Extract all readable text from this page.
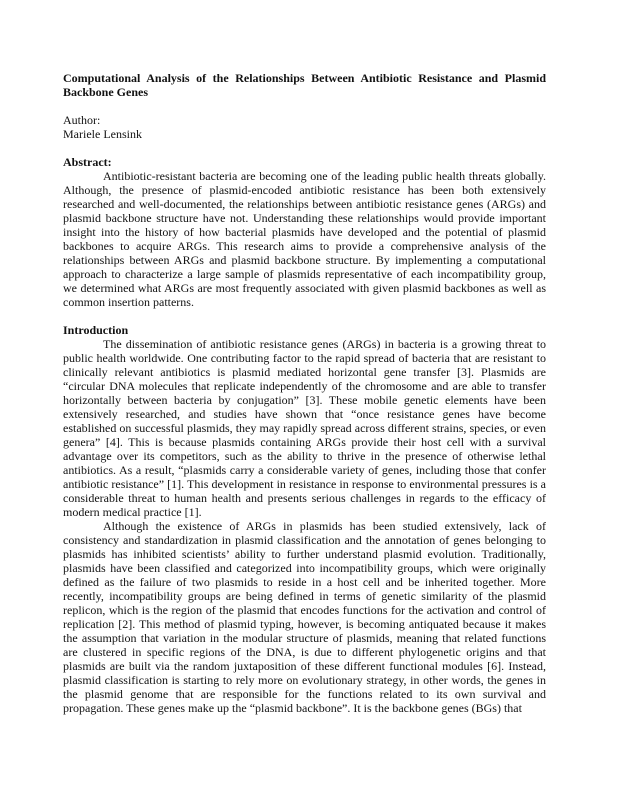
Computational Analysis of the Relationships Between Antibiotic Resistance and Plasmid
Backbone Genes
Author:
Mariele Lensink
Abstract:

Antibiotic-resistant bacteria are becoming one of the leading public health threats globally. Although, the presence of plasmid-encoded antibiotic resistance has been both extensively researched and well-documented, the relationships between antibiotic resistance genes (ARGs) and plasmid backbone structure have not. Understanding these relationships would provide important insight into the history of how bacterial plasmids have developed and the potential of plasmid backbones to acquire ARGs. This research aims to provide a comprehensive analysis of the relationships between ARGs and plasmid backbone structure. By implementing a computational approach to characterize a large sample of plasmids representative of each incompatibility group, we determined what ARGs are most frequently associated with given plasmid backbones as well as common insertion patterns.

Introduction

The dissemination of antibiotic resistance genes (ARGs) in bacteria is a growing threat to public health worldwide. One contributing factor to the rapid spread of bacteria that are resistant to clinically relevant antibiotics is plasmid mediated horizontal gene transfer [3]. Plasmids are “circular DNA molecules that replicate independently of the chromosome and are able to transfer horizontally between bacteria by conjugation” [3]. These mobile genetic elements have been extensively researched, and studies have shown that “once resistance genes have become established on successful plasmids, they may rapidly spread across different strains, species, or even genera” [4]. This is because plasmids containing ARGs provide their host cell with a survival advantage over its competitors, such as the ability to thrive in the presence of otherwise lethal antibiotics. As a result, “plasmids carry a considerable variety of genes, including those that confer antibiotic resistance” [1]. This development in resistance in response to environmental pressures is a considerable threat to human health and presents serious challenges in regards to the efficacy of modern medical practice [1].

Although the existence of ARGs in plasmids has been studied extensively, lack of consistency and standardization in plasmid classification and the annotation of genes belonging to plasmids has inhibited scientists’ ability to further understand plasmid evolution. Traditionally, plasmids have been classified and categorized into incompatibility groups, which were originally defined as the failure of two plasmids to reside in a host cell and be inherited together. More recently, incompatibility groups are being defined in terms of genetic similarity of the plasmid replicon, which is the region of the plasmid that encodes functions for the activation and control of replication [2]. This method of plasmid typing, however, is becoming antiquated because it makes the assumption that variation in the modular structure of plasmids, meaning that related functions are clustered in specific regions of the DNA, is due to different phylogenetic origins and that plasmids are built via the random juxtaposition of these different functional modules [6]. Instead, plasmid classification is starting to rely more on evolutionary strategy, in other words, the genes in the plasmid genome that are responsible for the functions related to its own survival and propagation. These genes make up the “plasmid backbone”. It is the backbone genes (BGs) that
